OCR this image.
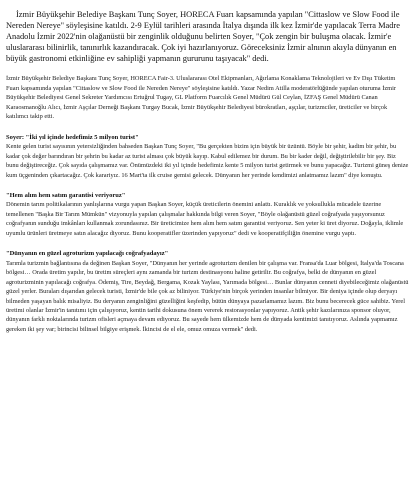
İzmir Büyükşehir Belediye Başkanı Tunç Soyer, HORECA Fuarı kapsamında yapılan "Cittaslow ve Slow Food ile Nereden Nereye" söyleşisine katıldı. 2-9 Eylül tarihleri arasında İtalya dışında ilk kez İzmir'de yapılacak Terra Madre Anadolu İzmir 2022'nin olağanüstü bir zenginlik olduğunu belirten Soyer, "Çok zengin bir buluşma olacak. İzmir'e uluslararası bilinirlik, tanınırlık kazandıracak. Çok iyi hazırlanıyoruz. Göreceksiniz İzmir alnının akıyla dünyanın en büyük gastronomi etkinliğine ev sahipliği yapmanın gururunu taşıyacak" dedi.

İzmir Büyükşehir Belediye Başkanı Tunç Soyer, HORECA Fair-3. Uluslararası Otel Ekipmanları, Ağırlama Konaklama Teknolojileri ve Ev Dışı Tüketim Fuarı kapsamında yapılan "Cittaslow ve Slow Food ile Nereden Nereye" söyleşisine katıldı. Yazar Nedim Atilla moderatörlüğünde yapılan oturuma İzmir Büyükşehir Belediyesi Genel Sekreter Yardımcısı Ertuğrul Tugay, GL Platform Fuarcılık Genel Müdürü Gül Ceylan, İZFAŞ Genel Müdürü Canan Karaosmanoğlu Alıcı, İzmir Aşçılar Derneği Başkanı Turgay Bucak, İzmir Büyükşehir Belediyesi bürokratları, aşçılar, turizmciler, üreticiler ve birçok katılımcı takip etti.

Soyer: "İki yıl içinde hedefimiz 5 milyon turist"

Kente gelen turist sayısının yetersizliğinden bahseden Başkan Tunç Soyer, "Bu gerçekten bizim için büyük bir üzüntü. Böyle bir şehir, kadim bir şehir, bu kadar çok değer barındıran bir şehrin bu kadar az turist alması çok büyük kayıp. Kabul edilemez bir durum. Bu bir kader değil, değiştirilebilir bir şey. Biz bunu değiştireceğiz. Çok sayıda çalışmamız var. Önümüzdeki iki yıl içinde hedefimiz kente 5 milyon turist getirmek ve bunu yapacağız. Turizmi güneş denize kum üçgeninden çıkartacağız. Çok karariyız. 16 Mart'ta ilk cruise gemisi gelecek. Dünyanın her yerinde kendimizi anlatmamız lazım" diye konuştu.

"Hem alım hem satım garantisi veriyoruz"

Dönemin tarım politikalarının yanlışlarına vurgu yapan Başkan Soyer, küçük üreticilerin önemini anlattı. Kuraklık ve yoksullukla mücadele üzerine temellenen "Başka Bir Tarım Mümkün" vizyonuyla yapılan çalışmalar hakkında bilgi veren Soyer, "Böyle olağanüstü güzel coğrafyada yaşıyorsunuz coğrafyanın sunduğu imkânları kullanmak zorundasınız. Bir üreticimize hem alım hem satım garantisi veriyoruz. Sen yeter ki üret diyoruz. Doğayla, iklimle uyumlu ürünleri üretmeye satın alacağız diyoruz. Bunu kooperatifler üzerinden yapıyoruz" dedi ve kooperatifçiliğin önemine vurgu yaptı.

"Dünyanın en güzel agroturizm yapılacağı coğrafyadayız"

Tarımla turizmin bağlantısına da değinen Başkan Soyer, "Dünyanın her yerinde agroturizm denilen bir çalışma var. Fransa'da Luar bölgesi, İtalya'da Toscana bölgesi… Orada üretim yapılır, bu üretim süreçleri aynı zamanda bir turizm destinasyonu haline getirilir. Bu coğrafya, belki de dünyanın en güzel agroturizminin yapılacağı coğrafya. Ödemiş, Tire, Beydağ, Bergama, Kozak Yaylası, Yarımada bölgesi… Bunlar dünyanın cenneti diyebileceğimiz olağanüstü güzel yerler. Buraları dışarıdan gelecek turisti, İzmir'de bile çok az biliniyor. Türkiye'nin birçok yerinden insanlar bilmiyor. Bir deniya içinde olup deryayı bilmeden yaşayan balık misaliyiz. Bu deryanın zenginliğini güzelliğini keşfedip, bütün dünyaya pazarlamamız lazım. Biz bunu becerecek güce sahibiz. Yerel üretimi olanlar İzmir'in tanıtımı için çalışıyoruz, kentin tarihi dokusuna önem vererek restorasyonlar yapıyoruz. Antik şehir kazılarınıza sponsor oluyor, dünyanın farklı noktalarında turizm ofisleri açmaya devam ediyoruz. Bu sayede hem ülkemizde hem de dünyada kentimizi tanıtıyoruz. Aslında yapmamız gereken iki şey var; birincisi bilinsel bilgiye erişmek. İkincisi de el ele, omuz omuza vermek" dedi.
